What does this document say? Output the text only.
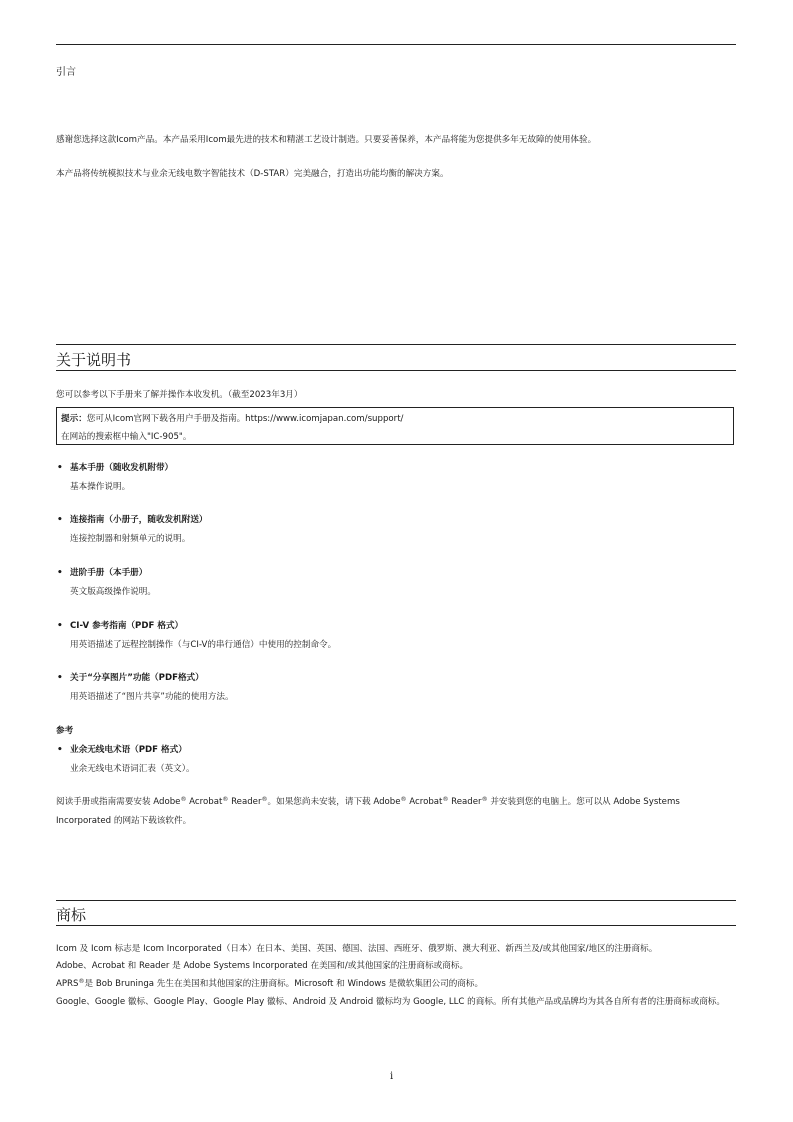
引言
感谢您选择这款Icom产品。本产品采用Icom最先进的技术和精湛工艺设计制造。只要妥善保养，本产品将能为您提供多年无故障的使用体验。
本产品将传统模拟技术与业余无线电数字智能技术（D-STAR）完美融合，打造出功能均衡的解决方案。
关于说明书
您可以参考以下手册来了解并操作本收发机。（截至2023年3月）
提示：您可从Icom官网下载各用户手册及指南。https://www.icomjapan.com/support/
在网站的搜索框中输入"IC-905"。
• 基本手册（随收发机附带）
基本操作说明。
• 连接指南（小册子，随收发机附送）
连接控制器和射频单元的说明。
• 进阶手册（本手册）
英文版高级操作说明。
• CI-V 参考指南（PDF 格式）
用英语描述了远程控制操作（与CI-V的串行通信）中使用的控制命令。
• 关于“分享图片”功能（PDF格式）
用英语描述了“图片共享”功能的使用方法。
参考
• 业余无线电术语（PDF 格式）
业余无线电术语词汇表（英文）。
阅读手册或指南需要安装 Adobe® Acrobat® Reader®。如果您尚未安装，请下载 Adobe® Acrobat® Reader® 并安装到您的电脑上。您可以从 Adobe Systems
Incorporated 的网站下载该软件。
商标
Icom 及 Icom 标志是 Icom Incorporated（日本）在日本、美国、英国、德国、法国、西班牙、俄罗斯、澳大利亚、新西兰及/或其他国家/地区的注册商标。
Adobe、Acrobat 和 Reader 是 Adobe Systems Incorporated 在美国和/或其他国家的注册商标或商标。
APRS®是 Bob Bruninga 先生在美国和其他国家的注册商标。Microsoft 和 Windows 是微软集团公司的商标。
Google、Google 徽标、Google Play、Google Play 徽标、Android 及 Android 徽标均为 Google, LLC 的商标。所有其他产品或品牌均为其各自所有者的注册商标或商标。
i
